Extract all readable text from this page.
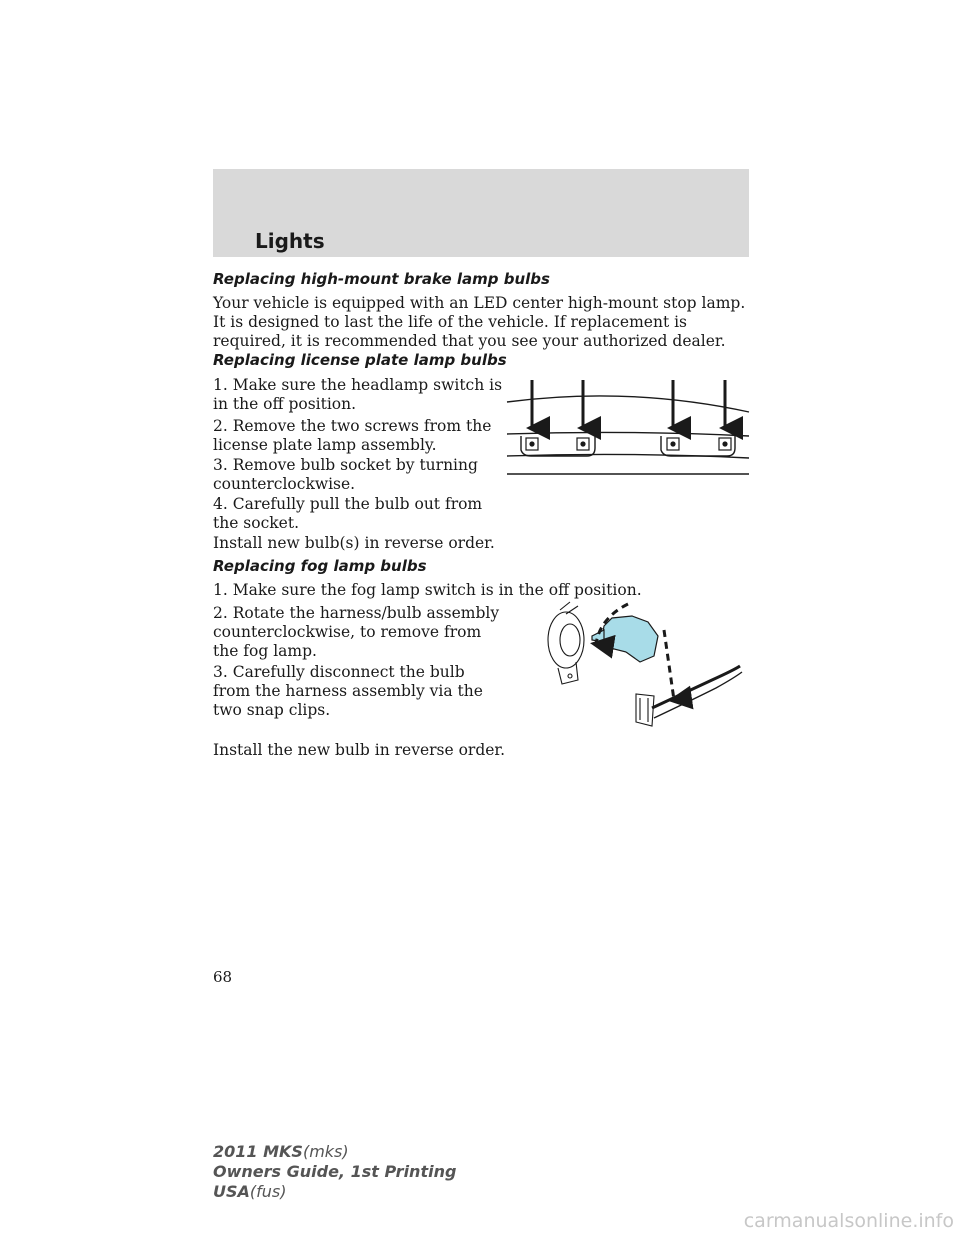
Lights
Replacing high-mount brake lamp bulbs

Your vehicle is equipped with an LED center high-mount stop lamp. It is designed to last the life of the vehicle. If replacement is required, it is recommended that you see your authorized dealer.

Replacing license plate lamp bulbs

1. Make sure the headlamp switch is in the off position.

2. Remove the two screws from the license plate lamp assembly.

3. Remove bulb socket by turning counterclockwise.

4. Carefully pull the bulb out from the socket.

Install new bulb(s) in reverse order.

Replacing fog lamp bulbs

1. Make sure the fog lamp switch is in the off position.

2. Rotate the harness/bulb assembly counterclockwise, to remove from the fog lamp.

3. Carefully disconnect the bulb from the harness assembly via the two snap clips.

Install the new bulb in reverse order.

68
2011 MKS(mks)
Owners Guide, 1st Printing
USA(fus)
carmanualsonline.info
